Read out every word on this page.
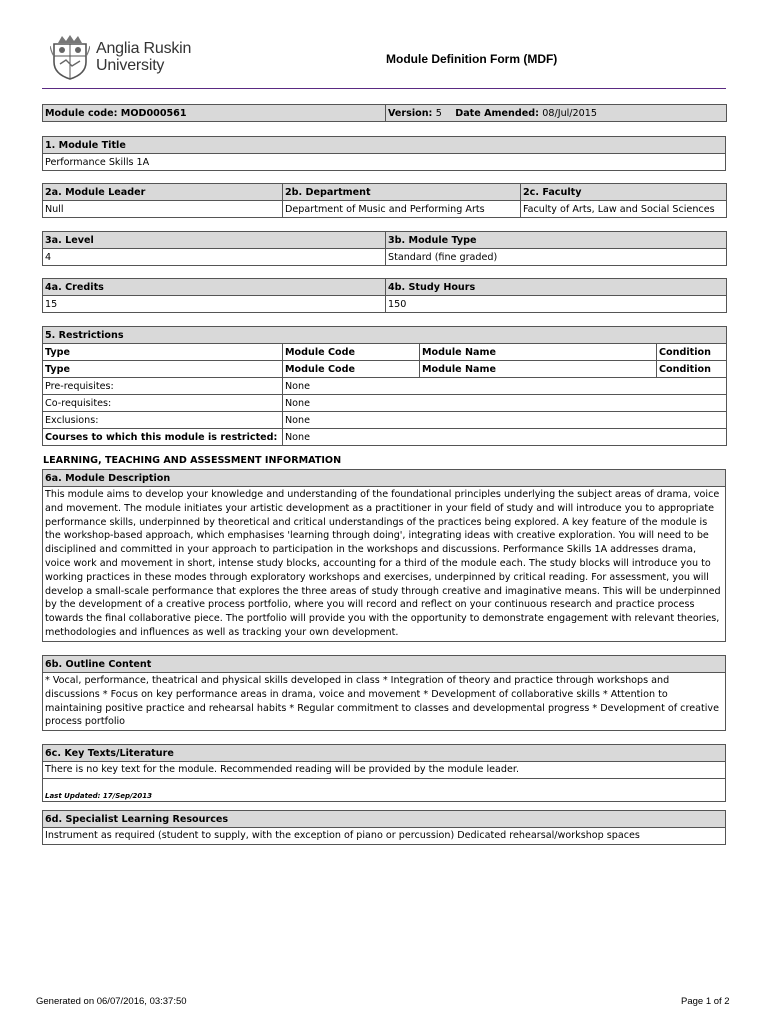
Anglia Ruskin
University	Module Definition Form (MDF)
Module code: MOD000561	Version: 5 Date Amended: 08/Jul/2015
1. Module Title
Performance Skills 1A
2a. Module Leader	2b. Department	2c. Faculty
Null	Department of Music and Performing Arts	Faculty of Arts, Law and Social Sciences
3a. Level	3b. Module Type
4	Standard (fine graded)
4a. Credits	4b. Study Hours
15	150
5. Restrictions			
Type	Module Code	Module Name	Condition
Type	Module Code	Module Name	Condition
Pre-requisites:	None		
Co-requisites:	None		
Exclusions:	None		
Courses to which this module is restricted:	None		
LEARNING, TEACHING AND ASSESSMENT INFORMATION
6a. Module Description
This module aims to develop your knowledge and understanding of the foundational principles underlying the subject areas of drama, voice and movement. The module initiates your artistic development as a practitioner in your field of study and will introduce you to appropriate performance skills, underpinned by theoretical and critical understandings of the practices being explored. A key feature of the module is the workshop-based approach, which emphasises 'learning through doing', integrating ideas with creative exploration. You will need to be disciplined and committed in your approach to participation in the workshops and discussions. Performance Skills 1A addresses drama, voice work and movement in short, intense study blocks, accounting for a third of the module each. The study blocks will introduce you to working practices in these modes through exploratory workshops and exercises, underpinned by critical reading. For assessment, you will develop a small-scale performance that explores the three areas of study through creative and imaginative means. This will be underpinned by the development of a creative process portfolio, where you will record and reflect on your continuous research and practice process towards the final collaborative piece. The portfolio will provide you with the opportunity to demonstrate engagement with relevant theories, methodologies and influences as well as tracking your own development.
6b. Outline Content
* Vocal, performance, theatrical and physical skills developed in class * Integration of theory and practice through workshops and discussions * Focus on key performance areas in drama, voice and movement * Development of collaborative skills * Attention to maintaining positive practice and rehearsal habits * Regular commitment to classes and developmental progress * Development of creative process portfolio
6c. Key Texts/Literature
There is no key text for the module. Recommended reading will be provided by the module leader.
Last Updated: 17/Sep/2013
6d. Specialist Learning Resources
Instrument as required (student to supply, with the exception of piano or percussion) Dedicated rehearsal/workshop spaces
Generated on 06/07/2016, 03:37:50	Page 1 of 2
